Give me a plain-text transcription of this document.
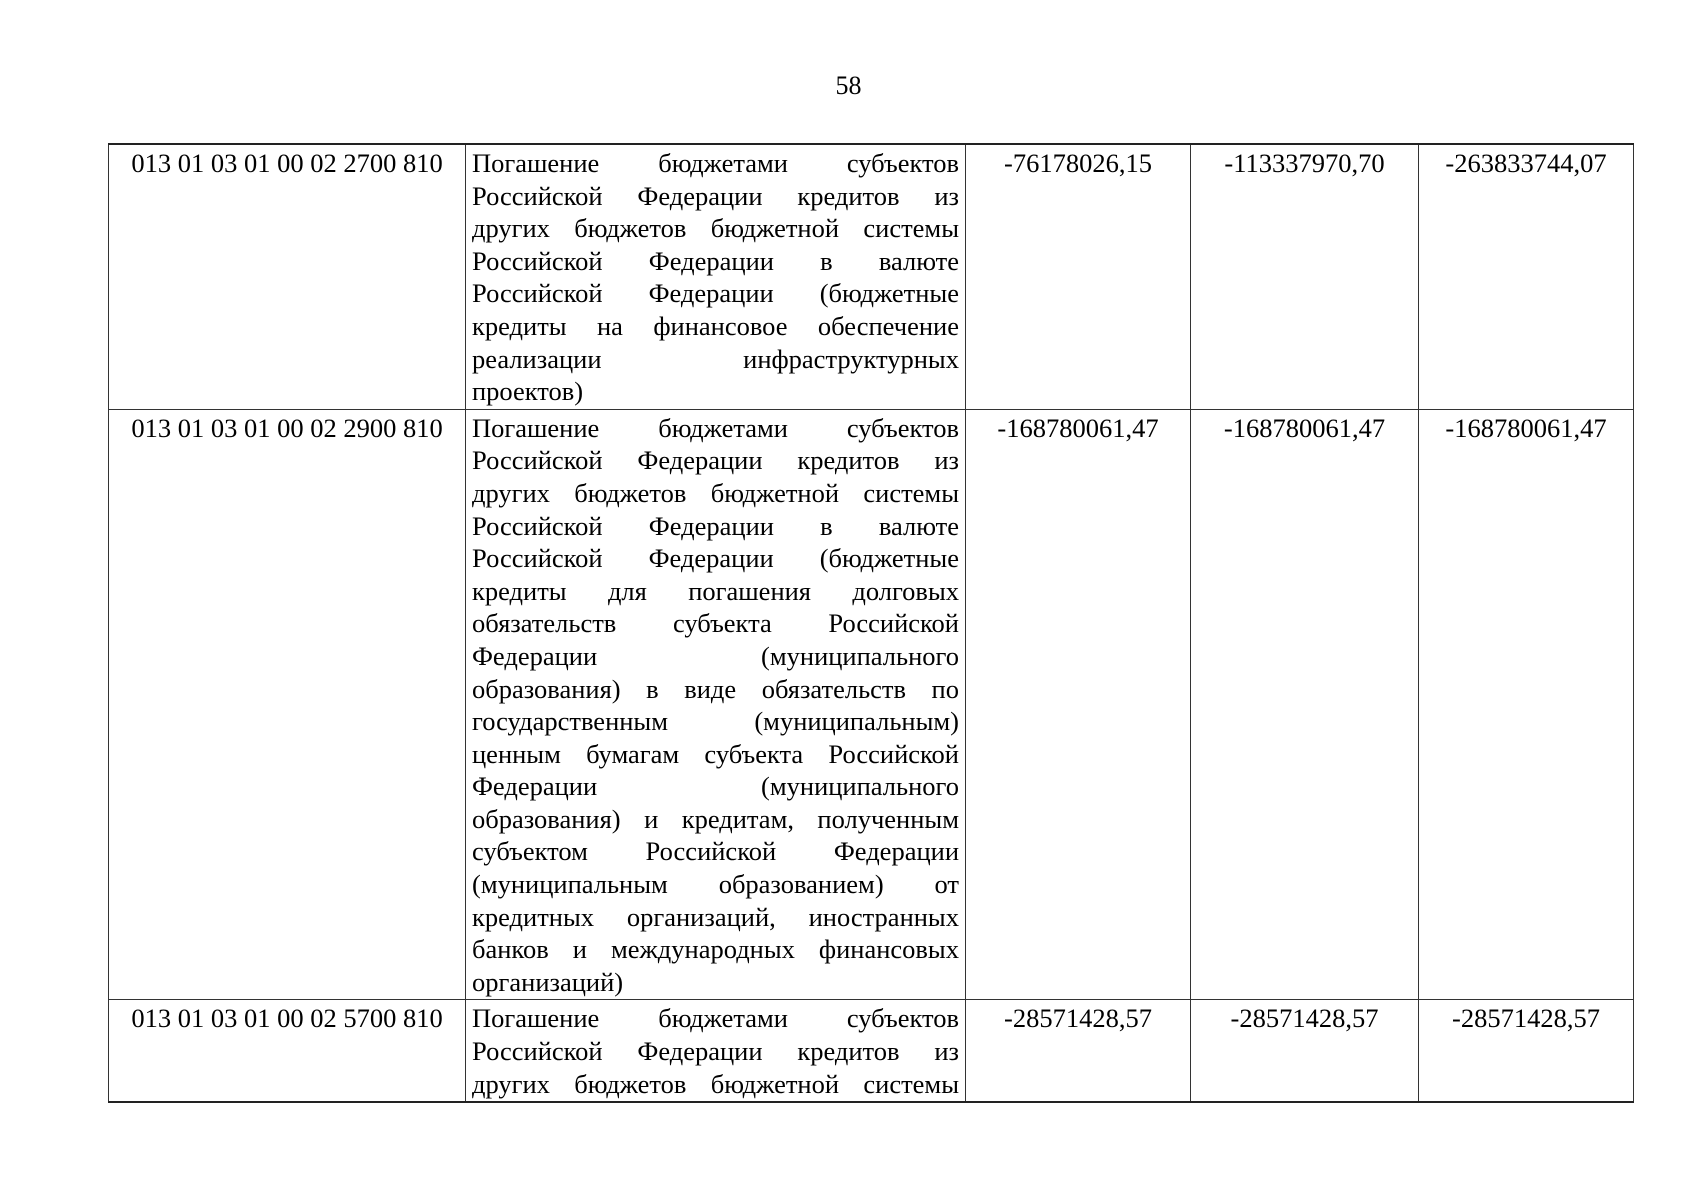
58
013 01 03 01 00 02 2700 810	Погашение бюджетами субъектов
Российской Федерации кредитов из
других бюджетов бюджетной системы
Российской Федерации в валюте
Российской Федерации (бюджетные
кредиты на финансовое обеспечение
реализации инфраструктурных
проектов)
	-76178026,15	-113337970,70	-263833744,07
013 01 03 01 00 02 2900 810	Погашение бюджетами субъектов
Российской Федерации кредитов из
других бюджетов бюджетной системы
Российской Федерации в валюте
Российской Федерации (бюджетные
кредиты для погашения долговых
обязательств субъекта Российской
Федерации (муниципального
образования) в виде обязательств по
государственным (муниципальным)
ценным бумагам субъекта Российской
Федерации (муниципального
образования) и кредитам, полученным
субъектом Российской Федерации
(муниципальным образованием) от
кредитных организаций, иностранных
банков и международных финансовых
организаций)
	-168780061,47	-168780061,47	-168780061,47
013 01 03 01 00 02 5700 810	Погашение бюджетами субъектов
Российской Федерации кредитов из
других бюджетов бюджетной системы	-28571428,57	-28571428,57	-28571428,57
